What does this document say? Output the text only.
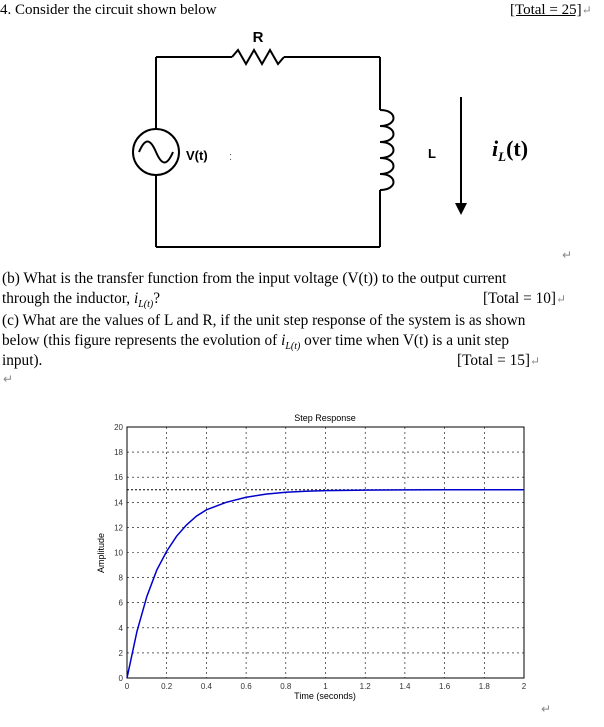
4. Consider the circuit shown below	[Total = 25]↵
R
V(t) :	L	$i_L(t)$
↵
(b) What is the transfer function from the input voltage (V(t)) to the output current
through the inductor, $i_{L(t)}$?	[Total = 10]↵
(c) What are the values of L and R, if the unit step response of the system is as shown
below (this figure represents the evolution of $i_{L(t)}$ over time when V(t) is a unit step
input).	[Total = 15]↵
↵
0	0.2	0.4	0.6	0.8	1	1.2	1.4	1.6	1.8	2
0
2
4
6
8
10
12
14
16
18
20
Step Response
Time (seconds)
Amplitude
↵
